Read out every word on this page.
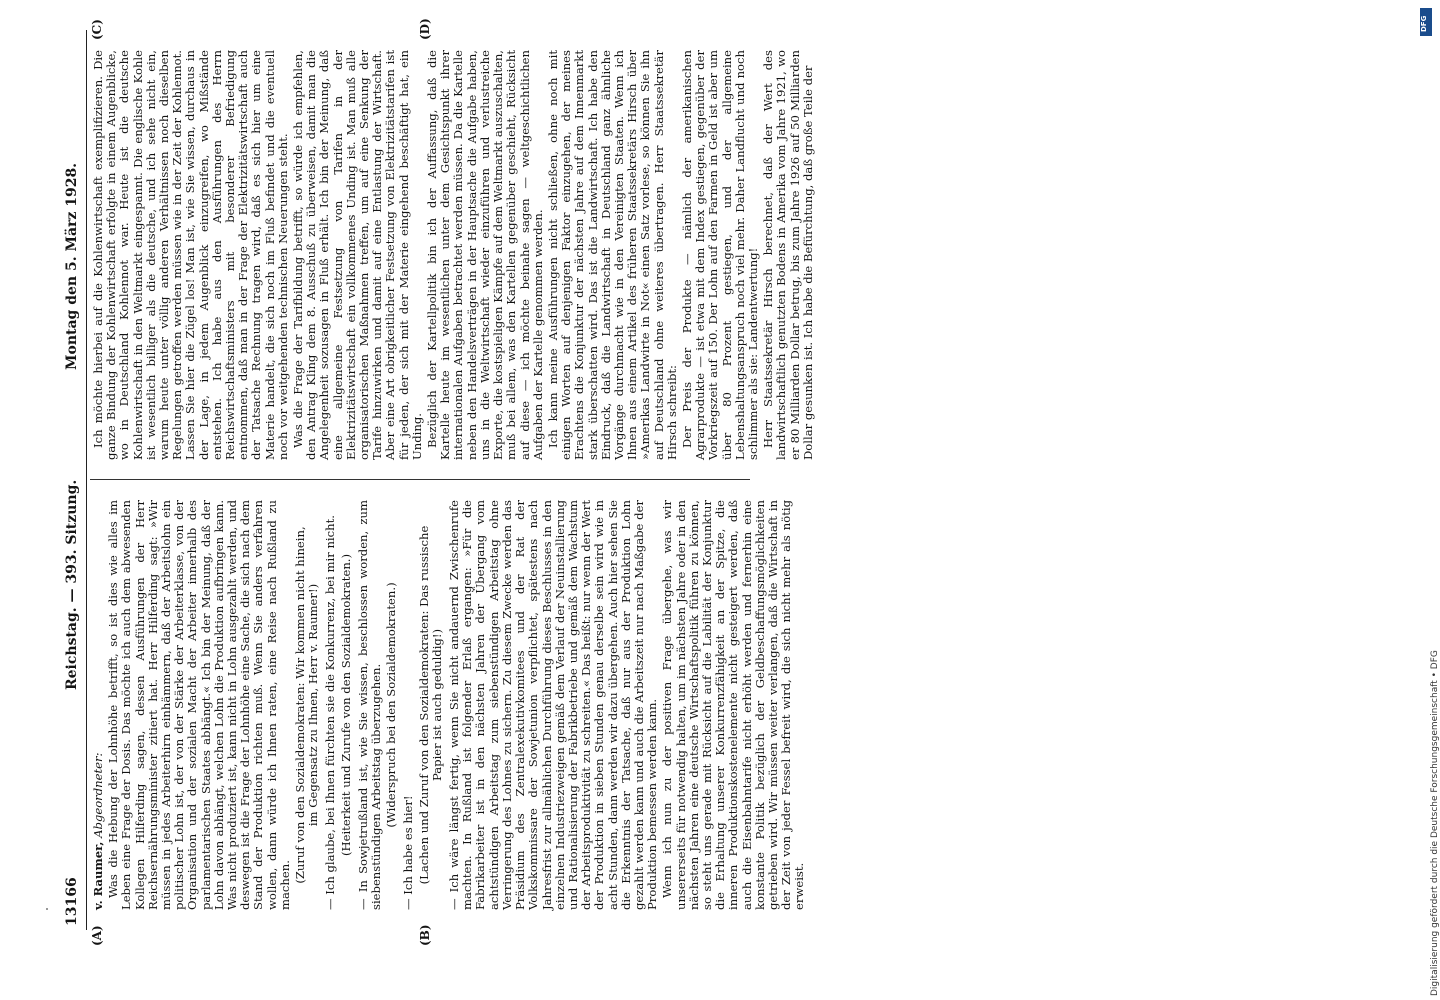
13166
Reichstag. — 393. Sitzung.
Montag den 5. März 1928.
(A)	(B)
(C)	(D)

v. Raumer, Abgeordneter: Was die Hebung der Lohnhöhe betrifft, so ist dies wie alles im Leben eine Frage der Dosis. Das möchte ich auch dem abwesenden Kollegen Hilferding sagen, dessen Ausführungen der Herr Reichsernährungsminister zitiert hat. Herr Hilferding sagt: »Wir müssen in jedes Arbeiterhirn einhämmern, daß der Arbeitslohn ein politischer Lohn ist, der von der Stärke der Arbeiterklasse, von der Organisation und der sozialen Macht der Arbeiter innerhalb des parlamentarischen Staates abhängt.« Ich bin der Meinung, daß der Lohn davon abhängt, welchen Lohn die Produktion aufbringen kann. Was nicht produziert ist, kann nicht in Lohn ausgezahlt werden, und deswegen ist die Frage der Lohnhöhe eine Sache, die sich nach dem Stand der Produktion richten muß. Wenn Sie anders verfahren wollen, dann würde ich Ihnen raten, eine Reise nach Rußland zu machen.

(Zuruf von den Sozialdemokraten: Wir kommen nicht hinein, im Gegensatz zu Ihnen, Herr v. Raumer!) — Ich glaube, bei Ihnen fürchten sie die Konkurrenz, bei mir nicht. (Heiterkeit und Zurufe von den Sozialdemokraten.) — In Sowjetrußland ist, wie Sie wissen, beschlossen worden, zum siebenstündigen Arbeitstag überzugehen. (Widerspruch bei den Sozialdemokraten.)

— Ich habe es hier! (Lachen und Zuruf von den Sozialdemokraten: Das russische Papier ist auch geduldig!) — Ich wäre längst fertig, wenn Sie nicht andauernd Zwischenrufe machten. In Rußland ist folgender Erlaß ergangen: »Für die Fabrikarbeiter ist in den nächsten Jahren der Übergang vom achtstündigen Arbeitstag zum siebenstündigen Arbeitstag ohne Verringerung des Lohnes zu sichern. Zu diesem Zwecke werden das Präsidium des Zentralexekutivkomitees und der Rat der Volkskommissare der Sowjetunion verpflichtet, spätestens nach Jahresfrist zur allmählichen Durchführung dieses Beschlusses in den einzelnen Industriezweigen gemäß dem Verlauf der Neuinstallierung und Rationalisierung der Fabrikbetriebe und gemäß dem Wachstum der Arbeitsproduktivität zu schreiten.« Das heißt: nur wenn der Wert der Produktion in sieben Stunden genau derselbe sein wird wie in acht Stunden, dann werden wir dazu übergehen. Auch hier sehen Sie die Erkenntnis der Tatsache, daß nur aus der Produktion Lohn gezahlt werden kann und auch die Arbeitszeit nur nach Maßgabe der Produktion bemessen werden kann. Wenn ich nun zu der positiven Frage übergehe, was wir unsererseits für notwendig halten, um im nächsten Jahre oder in den nächsten Jahren eine deutsche Wirtschaftspolitik führen zu können, so steht uns gerade mit Rücksicht auf die Labilität der Konjunktur die Erhaltung unserer Konkurrenzfähigkeit an der Spitze, die inneren Produktionskostenelemente nicht gesteigert werden, daß auch die Eisenbahntarife nicht erhöht werden und fernerhin eine konstante Politik bezüglich der Geldbeschaffungsmöglichkeiten getrieben wird. Wir müssen weiter verlangen, daß die Wirtschaft in der Zeit von jeder Fessel befreit wird, die sich nicht mehr als nötig erweist.

Ich möchte hierbei auf die Kohlenwirtschaft exemplifizieren. Die ganze Bindung der Kohlenwirtschaft erfolgte in einem Augenblicke, wo in Deutschland Kohlennot war. Heute ist die deutsche Kohlenwirtschaft in den Weltmarkt eingespannt. Die englische Kohle ist wesentlich billiger als die deutsche, und ich sehe nicht ein, warum heute unter völlig anderen Verhältnissen noch dieselben Regelungen getroffen werden müssen wie in der Zeit der Kohlennot. Lassen Sie hier die Zügel los! Man ist, wie Sie wissen, durchaus in der Lage, in jedem Augenblick einzugreifen, wo Mißstände entstehen. Ich habe aus den Ausführungen des Herrn Reichswirtschaftsministers mit besonderer Befriedigung entnommen, daß man in der Frage der Elektrizitätswirtschaft auch der Tatsache Rechnung tragen wird, daß es sich hier um eine Materie handelt, die sich noch im Fluß befindet und die eventuell noch vor weitgehenden technischen Neuerungen steht. Was die Frage der Tarifbildung betrifft, so würde ich empfehlen, den Antrag Kling dem 8. Ausschuß zu überweisen, damit man die Angelegenheit sozusagen in Fluß erhält. Ich bin der Meinung, daß eine allgemeine Festsetzung von Tarifen in der Elektrizitätswirtschaft ein vollkommenes Unding ist. Man muß alle organisatorischen Maßnahmen treffen, um auf eine Senkung der Tarife hinzuwirken und damit auf eine Entlastung der Wirtschaft. Aber eine Art obrigkeitlicher Festsetzung von Elektrizitätstarifen ist für jeden, der sich mit der Materie eingehend beschäftigt hat, ein Unding. Bezüglich der Kartellpolitik bin ich der Auffassung, daß die Kartelle heute im wesentlichen unter dem Gesichtspunkt ihrer internationalen Aufgaben betrachtet werden müssen. Da die Kartelle neben den Handelsverträgen in der Hauptsache die Aufgabe haben, uns in die Weltwirtschaft wieder einzuführen und verlustreiche Exporte, die kostspieligen Kämpfe auf dem Weltmarkt auszuschalten, muß bei allem, was den Kartellen gegenüber geschieht, Rücksicht auf diese — ich möchte beinahe sagen — weltgeschichtlichen Aufgaben der Kartelle genommen werden. Ich kann meine Ausführungen nicht schließen, ohne noch mit einigen Worten auf denjenigen Faktor einzugehen, der meines Erachtens die Konjunktur der nächsten Jahre auf dem Innenmarkt stark überschatten wird. Das ist die Landwirtschaft. Ich habe den Eindruck, daß die Landwirtschaft in Deutschland ganz ähnliche Vorgänge durchmacht wie in den Vereinigten Staaten. Wenn ich Ihnen aus einem Artikel des früheren Staatssekretärs Hirsch über »Amerikas Landwirte in Not« einen Satz vorlese, so können Sie ihn auf Deutschland ohne weiteres übertragen. Herr Staatssekretär Hirsch schreibt: Der Preis der Produkte — nämlich der amerikanischen Agrarprodukte — ist etwa mit dem Index gestiegen, gegenüber der Vorkriegszeit auf 150. Der Lohn auf den Farmen in Geld ist aber um über 80 Prozent gestiegen, und der allgemeine Lebenshaltungsanspruch noch viel mehr. Daher Landflucht und noch schlimmer als sie: Landentwertung! Herr Staatssekretär Hirsch berechnet, daß der Wert des landwirtschaftlich genutzten Bodens in Amerika vom Jahre 1921, wo er 80 Milliarden Dollar betrug, bis zum Jahre 1926 auf 50 Milliarden Dollar gesunken ist. Ich habe die Befürchtung, daß große Teile der

Digitalisierung gefördert durch die Deutsche Forschungsgemeinschaft • DFG
DFG
